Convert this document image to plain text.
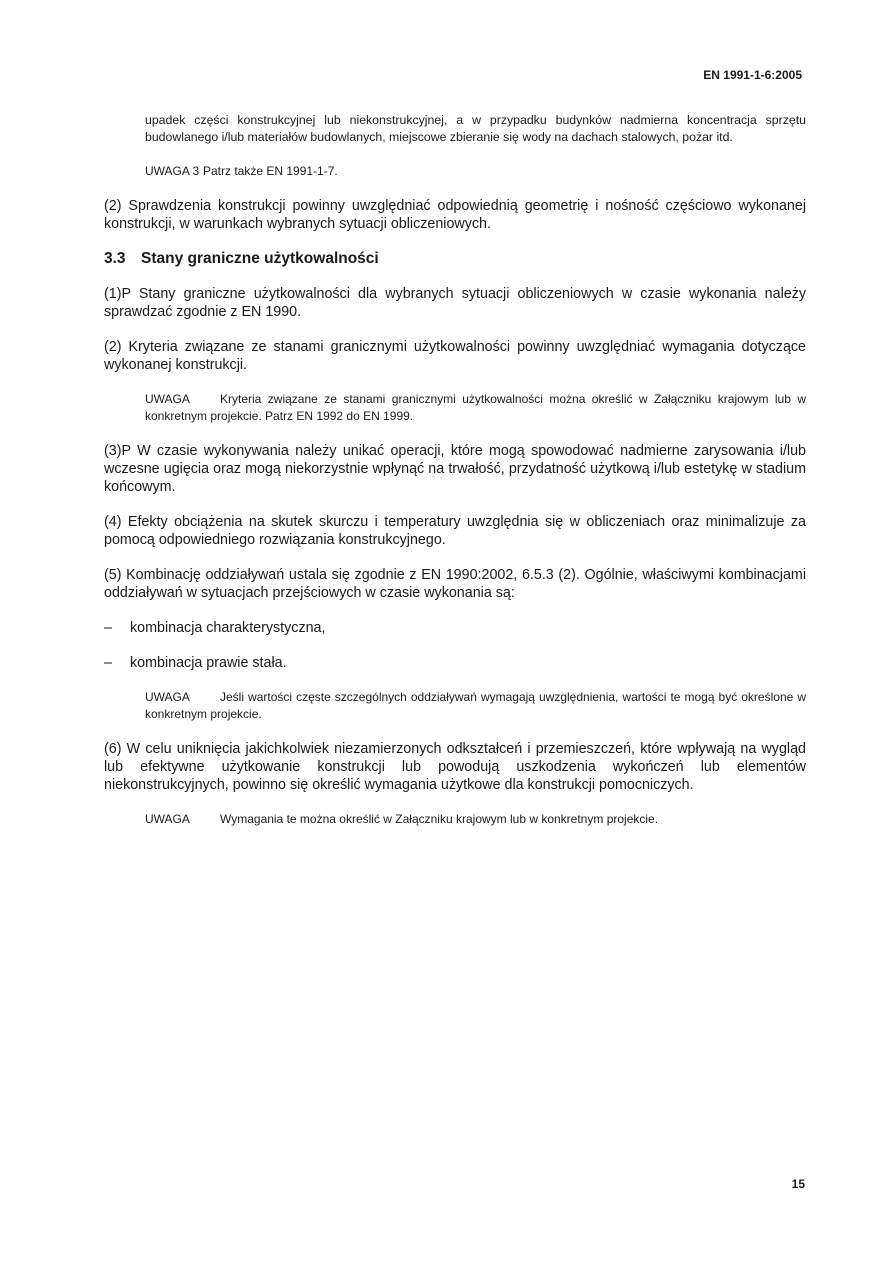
EN 1991-1-6:2005

upadek części konstrukcyjnej lub niekonstrukcyjnej, a w przypadku budynków nadmierna koncentracja sprzętu budowlanego i/lub materiałów budowlanych, miejscowe zbieranie się wody na dachach stalowych, pożar itd.

UWAGA 3 Patrz także EN 1991-1-7.

(2) Sprawdzenia konstrukcji powinny uwzględniać odpowiednią geometrię i nośność częściowo wykonanej konstrukcji, w warunkach wybranych sytuacji obliczeniowych.

3.3 Stany graniczne użytkowalności

(1)P Stany graniczne użytkowalności dla wybranych sytuacji obliczeniowych w czasie wykonania należy sprawdzać zgodnie z EN 1990.

(2) Kryteria związane ze stanami granicznymi użytkowalności powinny uwzględniać wymagania dotyczące wykonanej konstrukcji.

UWAGA	Kryteria związane ze stanami granicznymi użytkowalności można określić w Załączniku krajowym lub w konkretnym projekcie. Patrz EN 1992 do EN 1999.

(3)P W czasie wykonywania należy unikać operacji, które mogą spowodować nadmierne zarysowania i/lub wczesne ugięcia oraz mogą niekorzystnie wpłynąć na trwałość, przydatność użytkową i/lub estetykę w stadium końcowym.

(4) Efekty obciążenia na skutek skurczu i temperatury uwzględnia się w obliczeniach oraz minimalizuje za pomocą odpowiedniego rozwiązania konstrukcyjnego.

(5) Kombinację oddziaływań ustala się zgodnie z EN 1990:2002, 6.5.3 (2). Ogólnie, właściwymi kombinacjami oddziaływań w sytuacjach przejściowych w czasie wykonania są:

– kombinacja charakterystyczna,
– kombinacja prawie stała.

UWAGA	Jeśli wartości częste szczególnych oddziaływań wymagają uwzględnienia, wartości te mogą być określone w konkretnym projekcie.

(6) W celu uniknięcia jakichkolwiek niezamierzonych odkształceń i przemieszczeń, które wpływają na wygląd lub efektywne użytkowanie konstrukcji lub powodują uszkodzenia wykończeń lub elementów niekonstrukcyjnych, powinno się określić wymagania użytkowe dla konstrukcji pomocniczych.

UWAGA	Wymagania te można określić w Załączniku krajowym lub w konkretnym projekcie.

15
